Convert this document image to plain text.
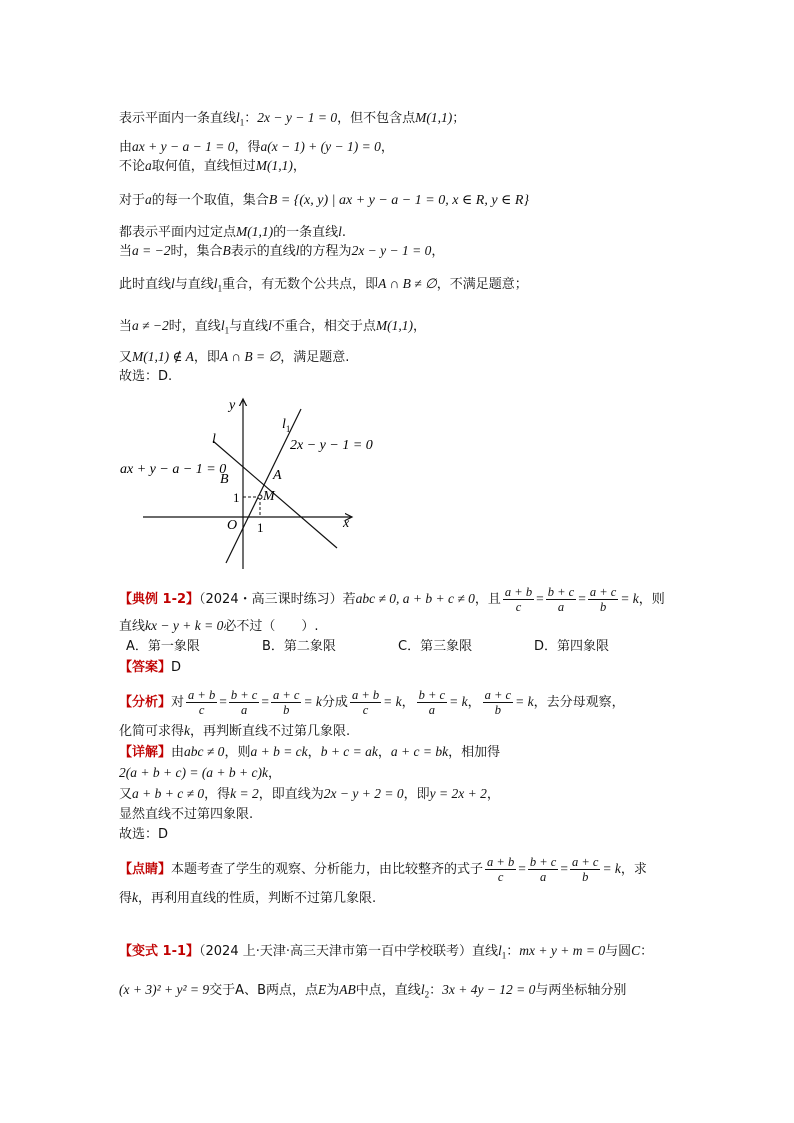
表示平面内一条直线$l_1$：2x − y − 1 = 0，但不包含点M(1,1)；
由ax + y − a − 1 = 0，得a(x − 1) + (y − 1) = 0，
不论a取何值，直线恒过M(1,1)，
对于a的每一个取值，集合B = {(x, y) | ax + y − a − 1 = 0, x ∈ R, y ∈ R}
都表示平面内过定点M(1,1)的一条直线l.
当a = −2时，集合B表示的直线l的方程为2x − y − 1 = 0，
此时直线l与直线$l_1$重合，有无数个公共点，即A ∩ B ≠ ∅，不满足题意；
当a ≠ −2时，直线$l_1$与直线l不重合，相交于点M(1,1)，
又M(1,1) ∉ A，即A ∩ B = ∅，满足题意.
故选：D.
y
x
O 1
1
l
$l_1$
2x − y − 1 = 0
ax + y − a − 1 = 0
B	A
M
【典例 1-2】（2024・高三课时练习）若abc ≠ 0, a + b + c ≠ 0，且 $\frac{a + b}{c} = \frac{b + c}{a} = \frac{a + c}{b} = k$，则
直线kx − y + k = 0必不过（　　）.
A．第一象限	B．第二象限	C．第三象限	D．第四象限
【答案】D
【分析】对 $\frac{a + b}{c} = \frac{b + c}{a} = \frac{a + c}{b} = k$分成 $\frac{a + b}{c} = k$， $\frac{b + c}{a} = k$， $\frac{a + c}{b} = k$，去分母观察，
化简可求得k，再判断直线不过第几象限.
【详解】由abc ≠ 0，则a + b = ck，b + c = ak，a + c = bk，相加得
2(a + b + c) = (a + b + c)k，
又a + b + c ≠ 0，得k = 2，即直线为2x − y + 2 = 0，即y = 2x + 2，
显然直线不过第四象限.
故选：D
【点睛】本题考查了学生的观察、分析能力，由比较整齐的式子 $\frac{a + b}{c} = \frac{b + c}{a} = \frac{a + c}{b} = k$，求
得k，再利用直线的性质，判断不过第几象限.
【变式 1-1】（2024 上·天津·高三天津市第一百中学校联考）直线$l_1$：mx + y + m = 0与圆C：
(x + 3)² + y² = 9交于A、B两点，点E为AB中点，直线$l_2$：3x + 4y − 12 = 0与两坐标轴分别
